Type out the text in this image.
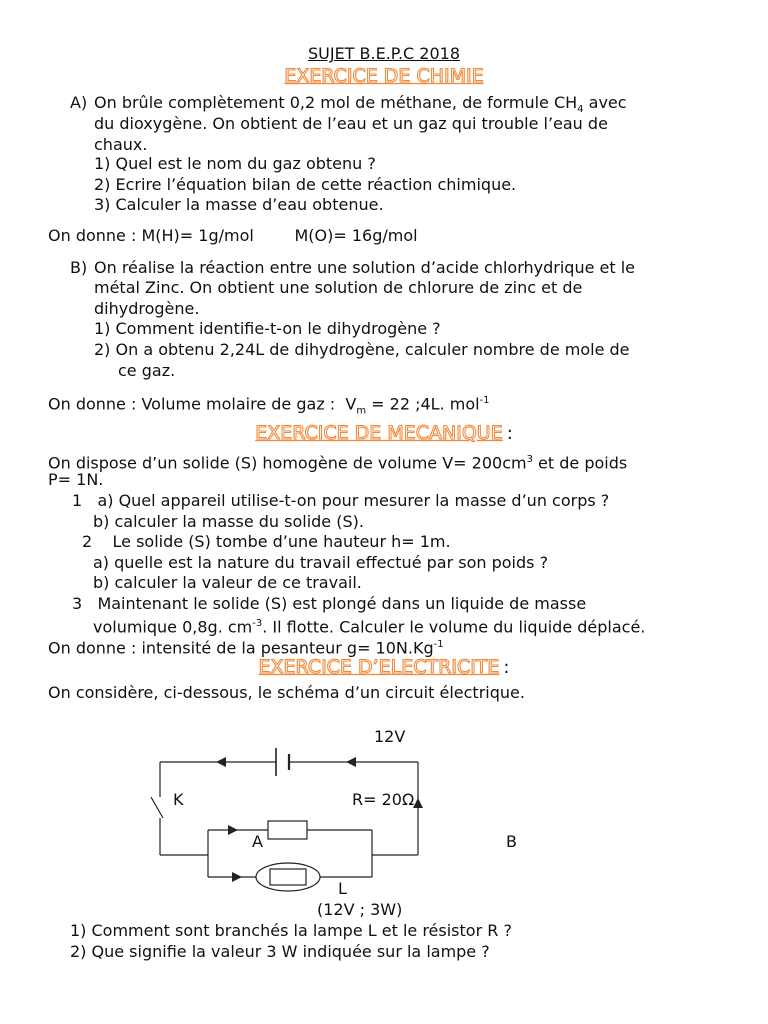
SUJET B.E.P.C 2018
EXERCICE DE CHIMIE
A) On brûle complètement 0,2 mol de méthane, de formule $CH_4$ avec
du dioxygène. On obtient de l’eau et un gaz qui trouble l’eau de
chaux.
1) Quel est le nom du gaz obtenu ?
2) Ecrire l’équation bilan de cette réaction chimique.
3) Calculer la masse d’eau obtenue.
On donne : M(H)= 1g/mol        M(O)= 16g/mol
B) On réalise la réaction entre une solution d’acide chlorhydrique et le
métal Zinc. On obtient une solution de chlorure de zinc et de
dihydrogène.
1) Comment identifie-t-on le dihydrogène ?
2) On a obtenu 2,24L de dihydrogène, calculer nombre de mole de
ce gaz.
On donne : Volume molaire de gaz :  $V_m = 22$ ;4L. mol$^{-1}$
EXERCICE DE MECANIQUE :
On dispose d’un solide (S) homogène de volume $V= 200cm^3$ et de poids
P= 1N.
1   a) Quel appareil utilise-t-on pour mesurer la masse d’un corps ?
b) calculer la masse du solide (S).
2    Le solide (S) tombe d’une hauteur h= 1m.
a) quelle est la nature du travail effectué par son poids ?
b) calculer la valeur de ce travail.
3   Maintenant le solide (S) est plongé dans un liquide de masse
volumique 0,8g. $cm^{-3}$. Il flotte. Calculer le volume du liquide déplacé.
On donne : intensité de la pesanteur $g= 10N.Kg^{-1}$
EXERCICE D’ELECTRICITE :
On considère, ci-dessous, le schéma d’un circuit électrique.
12V
K	R= 20Ω
A	B
L
(12V ; 3W)
1) Comment sont branchés la lampe L et le résistor R ?
2) Que signifie la valeur 3 W indiquée sur la lampe ?
